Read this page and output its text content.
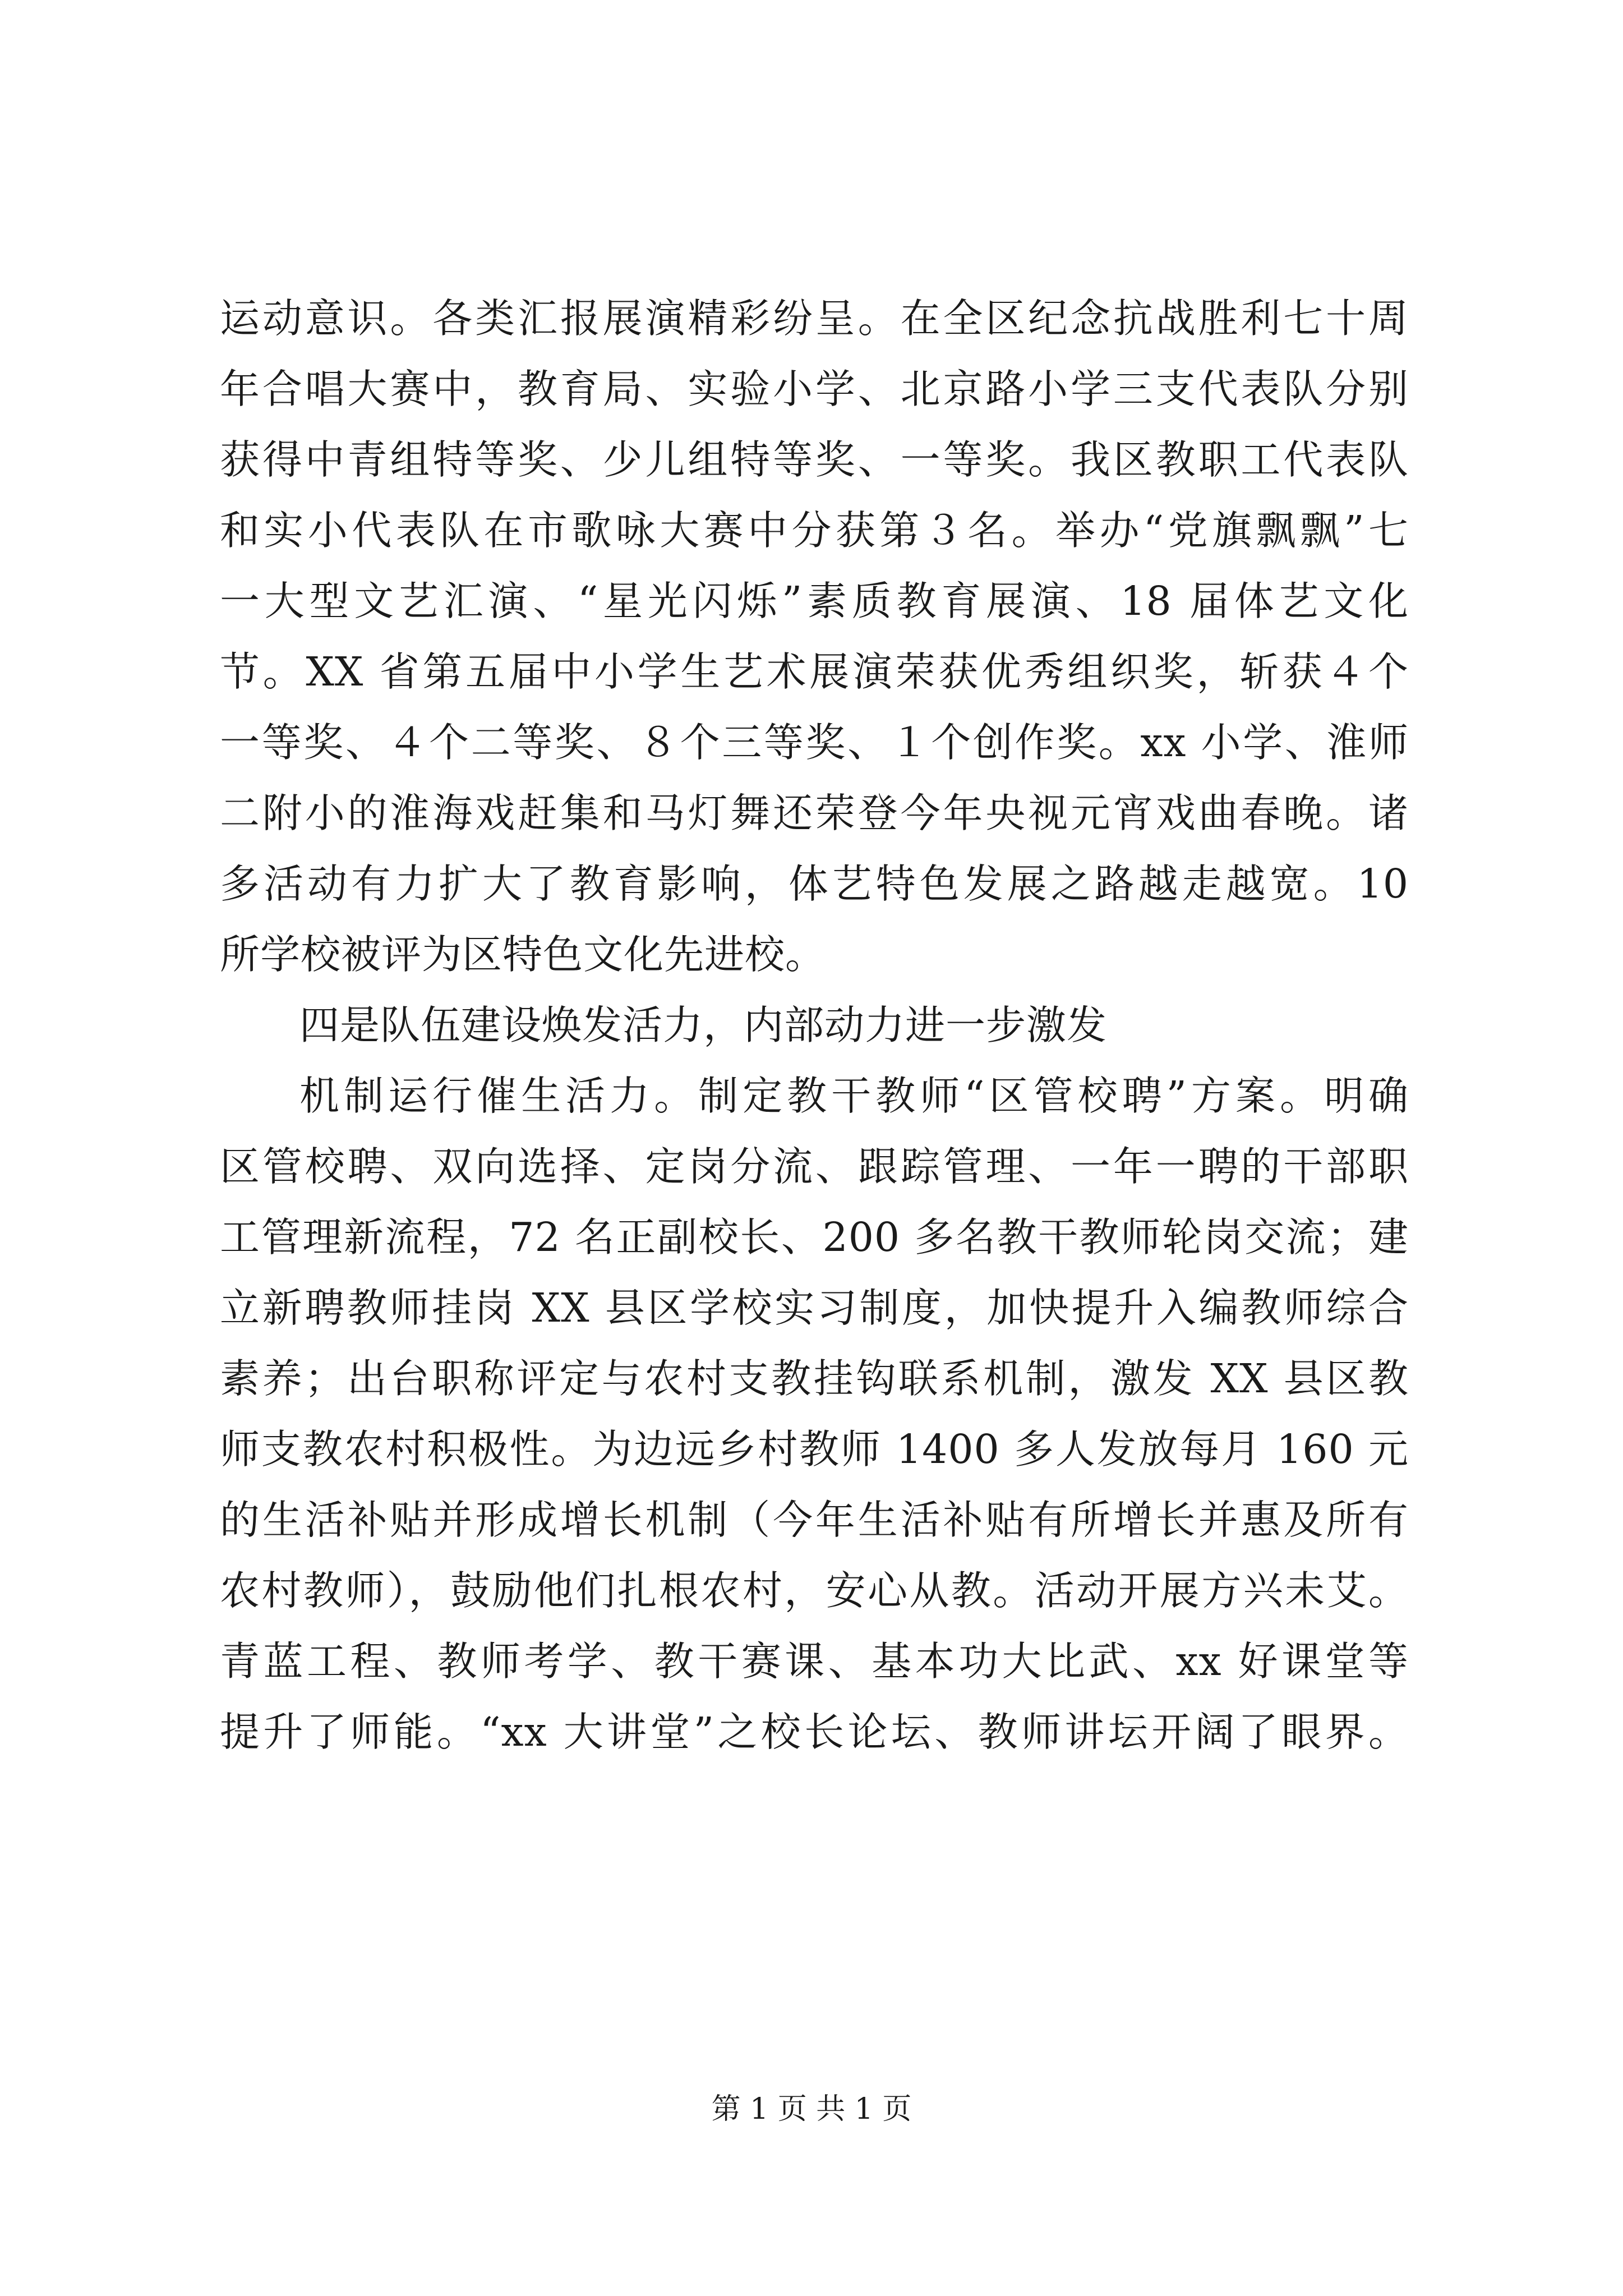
运动意识。各类汇报展演精彩纷呈。在全区纪念抗战胜利七十周
年合唱大赛中，教育局、实验小学、北京路小学三支代表队分别
获得中青组特等奖、少儿组特等奖、一等奖。我区教职工代表队
和实小代表队在市歌咏大赛中分获第３名。举办“党旗飘飘”七
一大型文艺汇演、“星光闪烁”素质教育展演、18 届体艺文化
节。XX 省第五届中小学生艺术展演荣获优秀组织奖，斩获４个
一等奖、４个二等奖、８个三等奖、１个创作奖。xx 小学、淮师
二附小的淮海戏赶集和马灯舞还荣登今年央视元宵戏曲春晚。诸
多活动有力扩大了教育影响，体艺特色发展之路越走越宽。10
所学校被评为区特色文化先进校。
四是队伍建设焕发活力，内部动力进一步激发
机制运行催生活力。制定教干教师“区管校聘”方案。明确
区管校聘、双向选择、定岗分流、跟踪管理、一年一聘的干部职
工管理新流程，72 名正副校长、200 多名教干教师轮岗交流；建
立新聘教师挂岗 XX 县区学校实习制度，加快提升入编教师综合
素养；出台职称评定与农村支教挂钩联系机制，激发 XX 县区教
师支教农村积极性。为边远乡村教师 1400 多人发放每月 160 元
的生活补贴并形成增长机制（今年生活补贴有所增长并惠及所有
农村教师），鼓励他们扎根农村，安心从教。活动开展方兴未艾。
青蓝工程、教师考学、教干赛课、基本功大比武、xx 好课堂等
提升了师能。“xx 大讲堂”之校长论坛、教师讲坛开阔了眼界。
第 1 页 共 1 页
